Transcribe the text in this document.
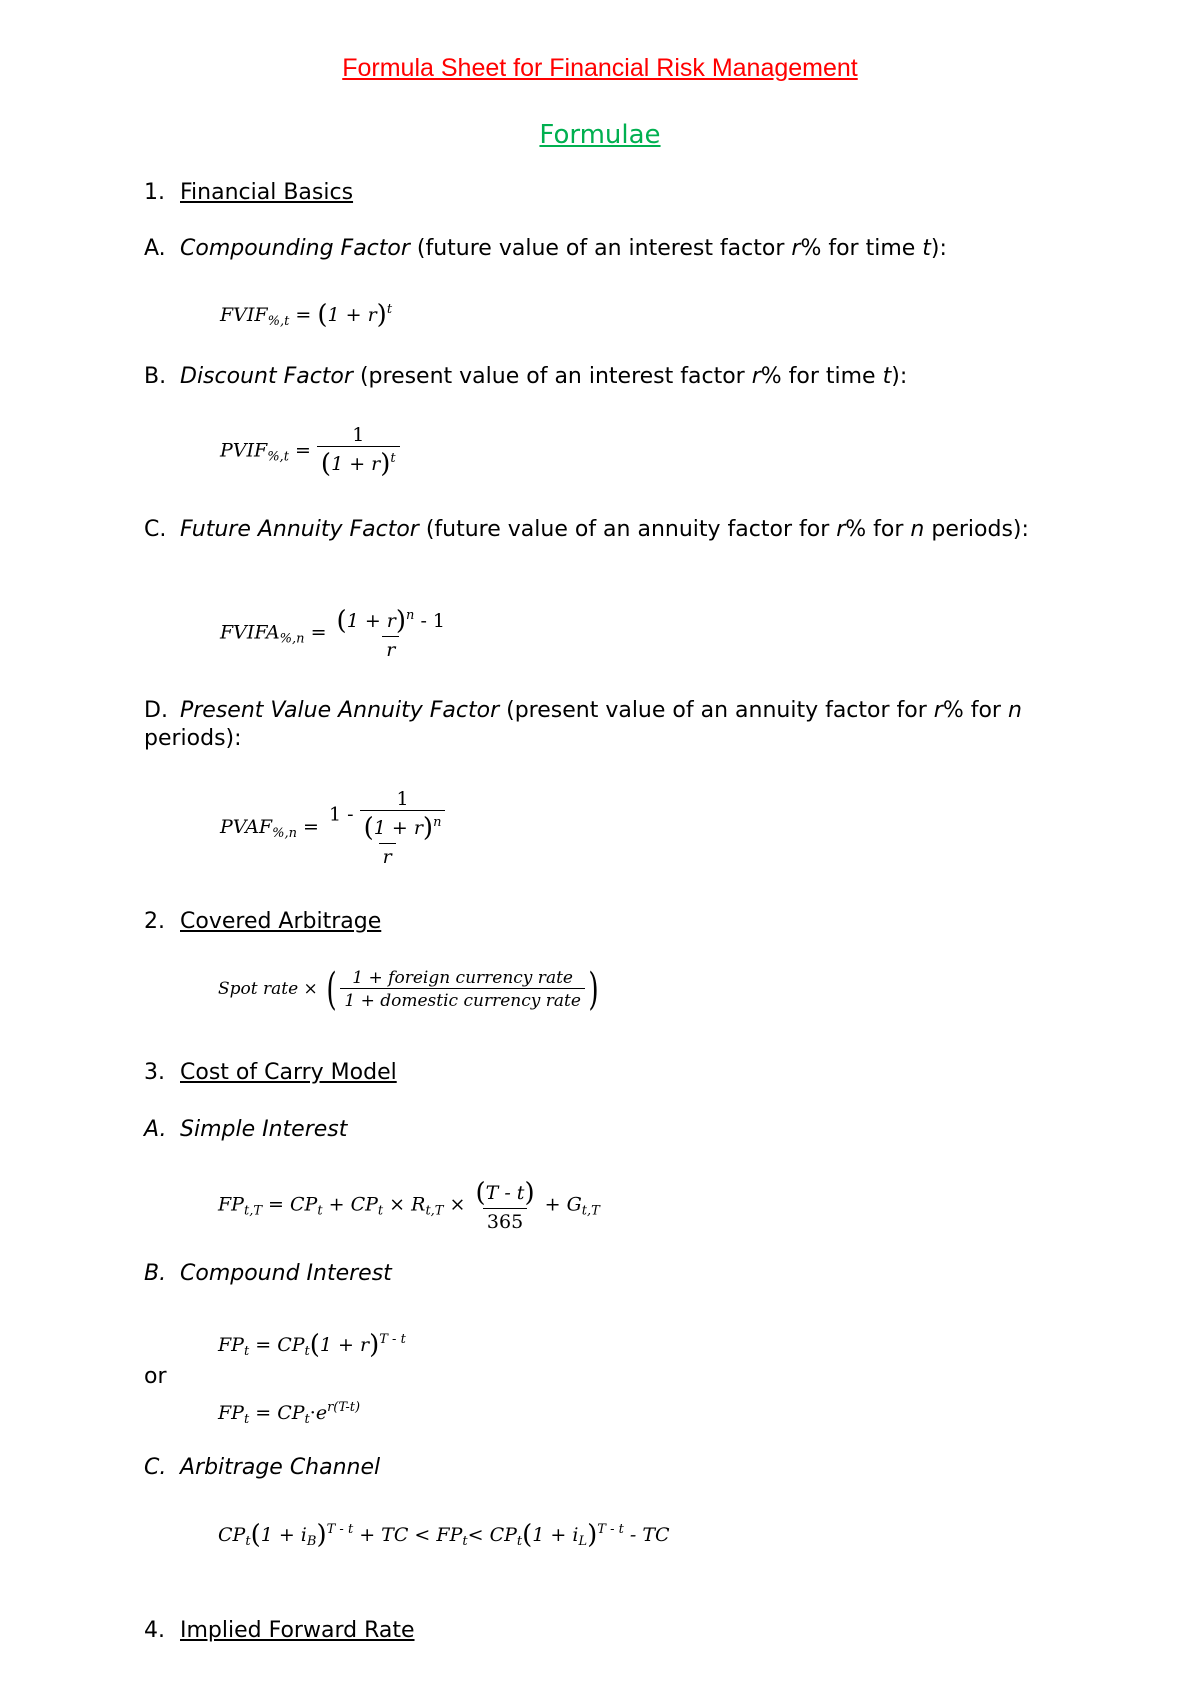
Formula Sheet for Financial Risk Management
Formulae
1. Financial Basics
A. Compounding Factor (future value of an interest factor r% for time t):
$FVIF_{\%,t} = (1 + r)^t$
B. Discount Factor (present value of an interest factor r% for time t):
$PVIF_{\%,t} = \frac{1}{(1 + r)^t}$
C. Future Annuity Factor (future value of an annuity factor for r% for n periods):
$FVIFA_{\%,n} = \frac{(1 + r)^n - 1}{r}$
D. Present Value Annuity Factor (present value of an annuity factor for r% for n periods):
$PVAF_{\%,n} = \frac{1 - \frac{1}{(1 + r)^n}}{r}$
2. Covered Arbitrage
Spot rate × ( $\frac{\text{1 + foreign currency rate}}{\text{1 + domestic currency rate}}$ )
3. Cost of Carry Model
A. Simple Interest
$FP_{t,T} = CP_t + CP_t \times R_{t,T} \times \frac{(T - t)}{365} + G_{t,T}$
B. Compound Interest
$FP_t = CP_t(1 + r)^{T - t}$
or
$FP_t = CP_t\cdot e^{r(T-t)}$
C. Arbitrage Channel
$CP_t(1 + i_B)^{T - t}$ + TC < $FP_t< CP_t(1 + i_L)^{T - t}$ - TC
4. Implied Forward Rate
